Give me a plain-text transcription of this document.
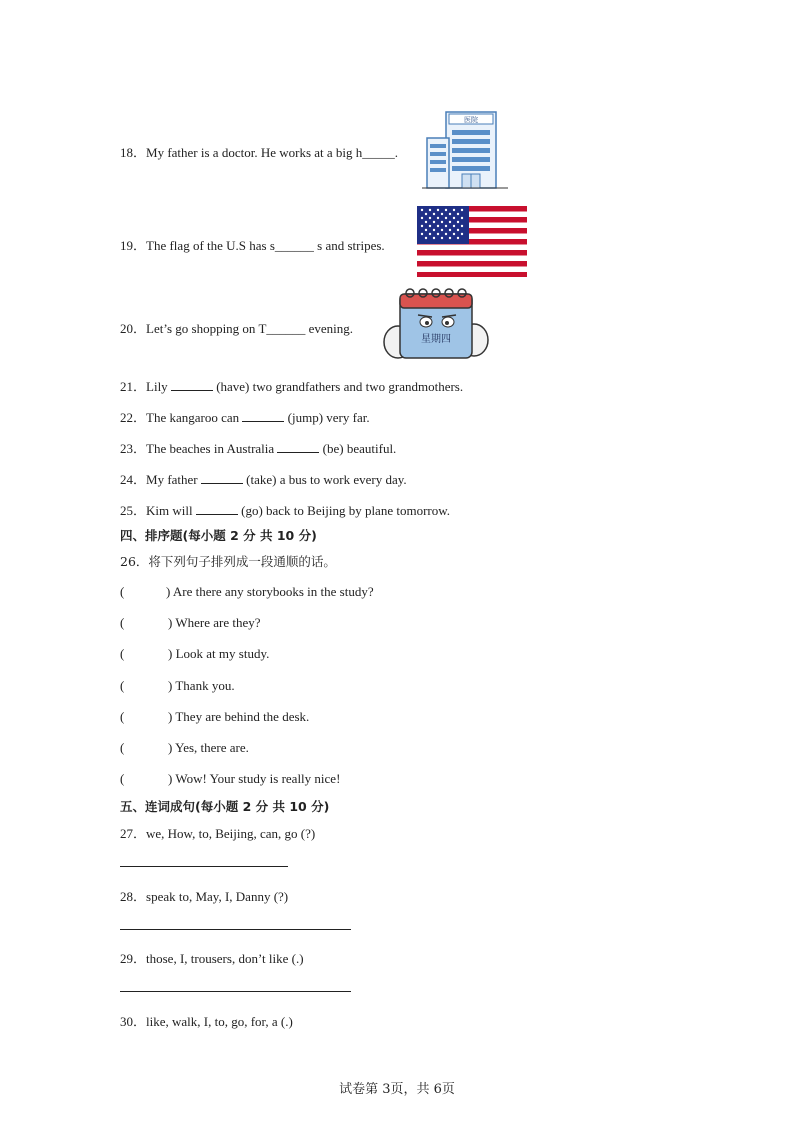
18．My father is a doctor. He works at a big h_____.
医院
19．The flag of the U.S has s______ s and stripes.
20．Let’s go shopping on T______ evening.
星期四
21．Lily	(have) two grandfathers and two grandmothers.
22．The kangaroo can	(jump) very far.
23．The beaches in Australia	(be) beautiful.
24．My father	(take) a bus to work every day.
25．Kim will	(go) back to Beijing by plane tomorrow.
四、排序题(每小题 2 分 共 10 分)
26．将下列句子排列成一段通顺的话。
(	) Are there any storybooks in the study?
(	) Where are they?
(	) Look at my study.
(	) Thank you.
(	) They are behind the desk.
(	) Yes, there are.
(	) Wow! Your study is really nice!
五、连词成句(每小题 2 分 共 10 分)
27．we, How, to, Beijing, can, go (?)
28．speak to, May, I, Danny (?)
29．those, I, trousers, don’t like (.)
30．like, walk, I, to, go, for, a (.)
试卷第 3页，共 6页
